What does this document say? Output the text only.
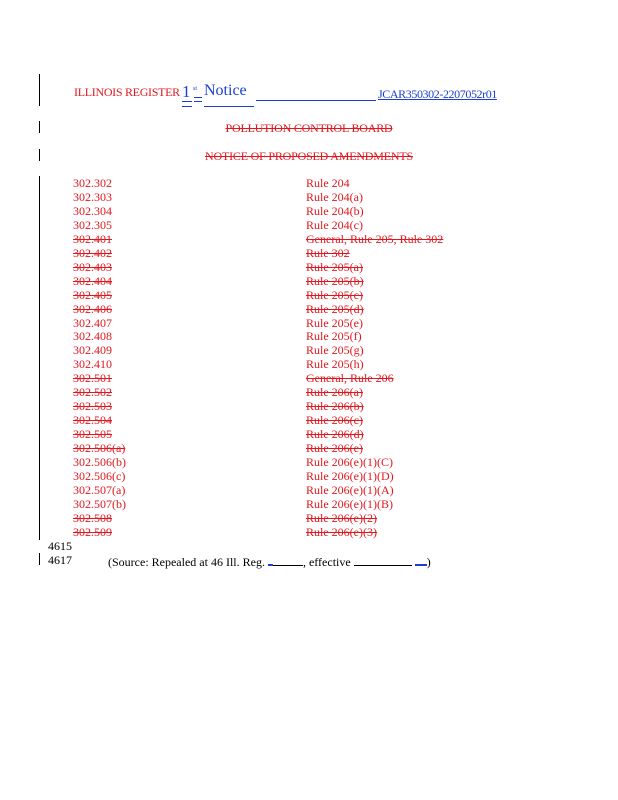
ILLINOIS REGISTER 1 st Notice	JCAR350302-2207052r01
POLLUTION CONTROL BOARD
NOTICE OF PROPOSED AMENDMENTS
302.302	Rule 204
302.303	Rule 204(a)
302.304	Rule 204(b)
302.305	Rule 204(c)
302.401	General, Rule 205, Rule 302
302.402	Rule 302
302.403	Rule 205(a)
302.404	Rule 205(b)
302.405	Rule 205(c)
302.406	Rule 205(d)
302.407	Rule 205(e)
302.408	Rule 205(f)
302.409	Rule 205(g)
302.410	Rule 205(h)
302.501	General, Rule 206
302.502	Rule 206(a)
302.503	Rule 206(b)
302.504	Rule 206(c)
302.505	Rule 206(d)
302.506(a)	Rule 206(e)
302.506(b)	Rule 206(e)(1)(C)
302.506(c)	Rule 206(e)(1)(D)
302.507(a)	Rule 206(e)(1)(A)
302.507(b)	Rule 206(e)(1)(B)
302.508	Rule 206(e)(2)
302.509	Rule 206(e)(3)
4615
4617	(Source: Repealed at 46 Ill. Reg.	, effective	)
